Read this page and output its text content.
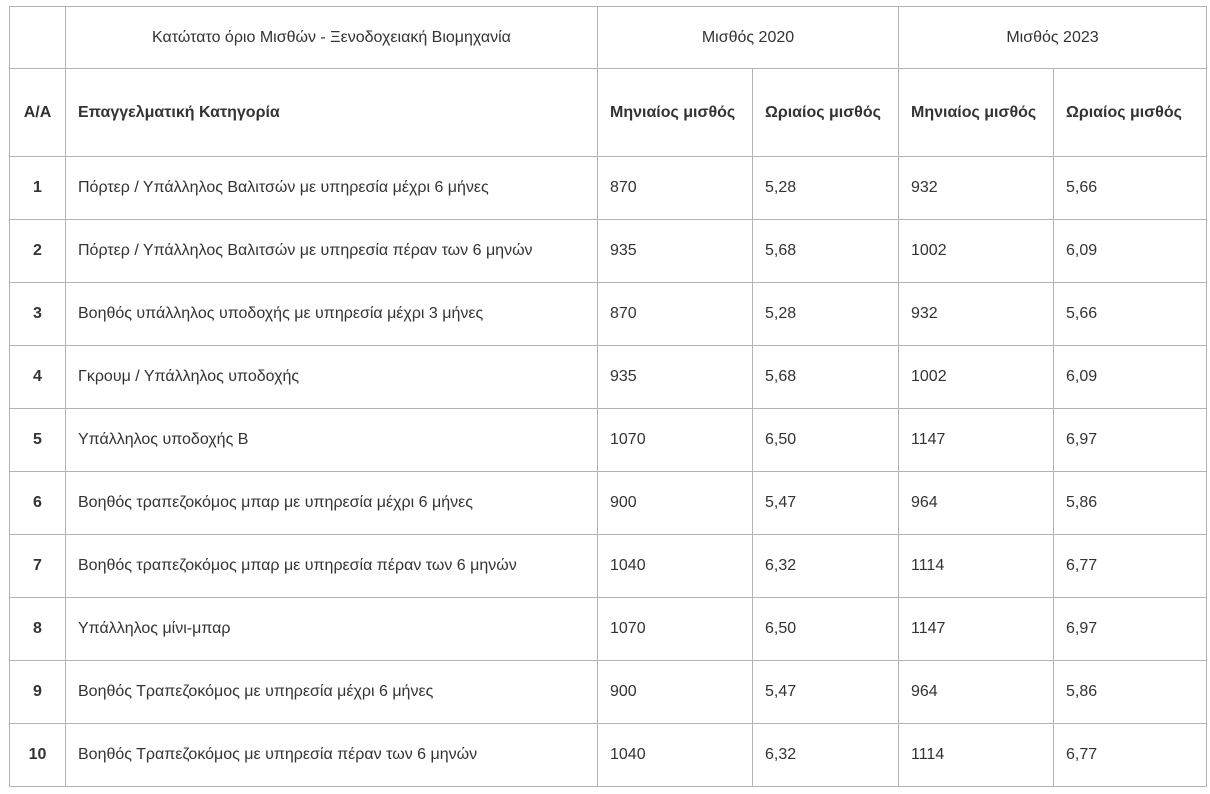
	Κατώτατο όριο Μισθών - Ξενοδοχειακή Βιομηχανία	Μισθός 2020		Μισθός 2023	
Α/Α	Επαγγελματική Κατηγορία	Μηνιαίος μισθός	Ωριαίος μισθός	Μηνιαίος μισθός	Ωριαίος μισθός
1	Πόρτερ / Υπάλληλος Βαλιτσών με υπηρεσία μέχρι 6 μήνες	870	5,28	932	5,66
2	Πόρτερ / Υπάλληλος Βαλιτσών με υπηρεσία πέραν των 6 μηνών	935	5,68	1002	6,09
3	Βοηθός υπάλληλος υποδοχής με υπηρεσία μέχρι 3 μήνες	870	5,28	932	5,66
4	Γκρουμ / Υπάλληλος υποδοχής	935	5,68	1002	6,09
5	Υπάλληλος υποδοχής Β	1070	6,50	1147	6,97
6	Βοηθός τραπεζοκόμος μπαρ με υπηρεσία μέχρι 6 μήνες	900	5,47	964	5,86
7	Βοηθός τραπεζοκόμος μπαρ με υπηρεσία πέραν των 6 μηνών	1040	6,32	1114	6,77
8	Υπάλληλος μίνι-μπαρ	1070	6,50	1147	6,97
9	Βοηθός Τραπεζοκόμος με υπηρεσία μέχρι 6 μήνες	900	5,47	964	5,86
10	Βοηθός Τραπεζοκόμος με υπηρεσία πέραν των 6 μηνών	1040	6,32	1114	6,77
